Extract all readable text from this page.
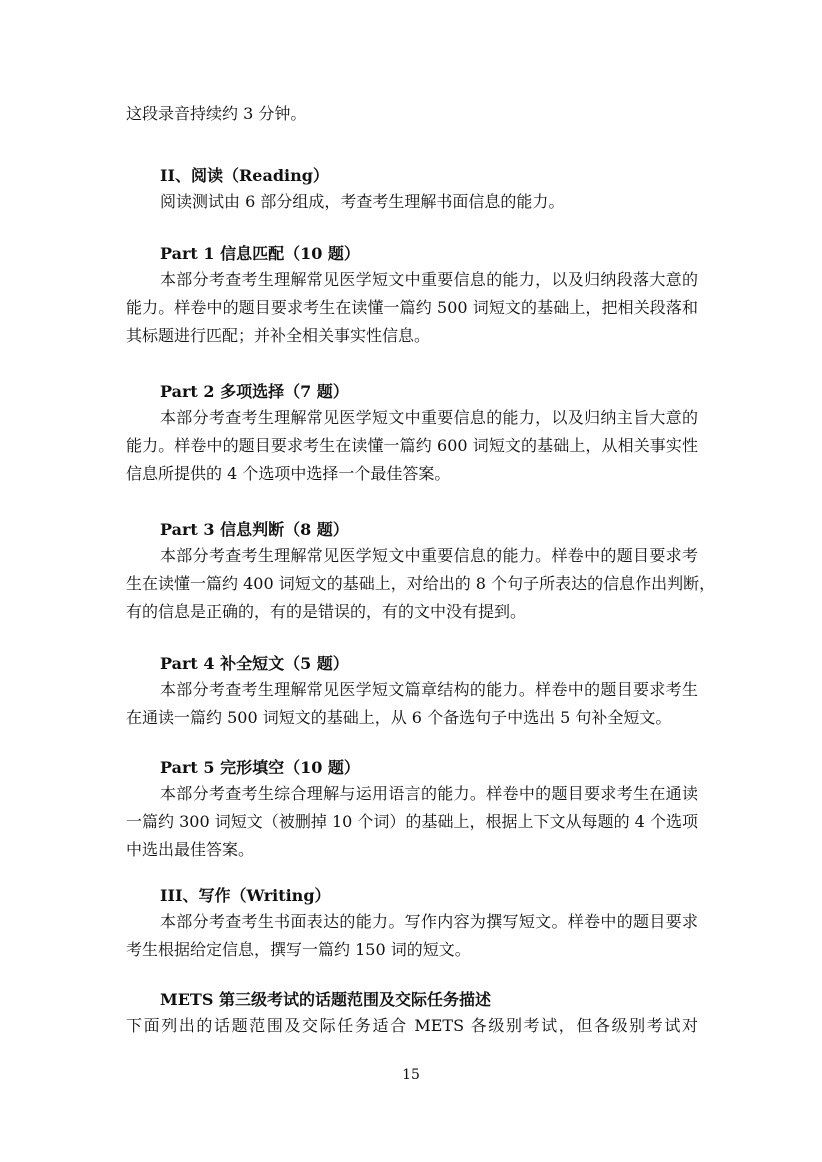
这段录音持续约 3 分钟。
II、阅读（Reading）
阅读测试由 6 部分组成，考查考生理解书面信息的能力。
Part 1 信息匹配（10 题）
本部分考查考生理解常见医学短文中重要信息的能力，以及归纳段落大意的
能力。样卷中的题目要求考生在读懂一篇约 500 词短文的基础上，把相关段落和
其标题进行匹配；并补全相关事实性信息。
Part 2 多项选择（7 题）
本部分考查考生理解常见医学短文中重要信息的能力，以及归纳主旨大意的
能力。样卷中的题目要求考生在读懂一篇约 600 词短文的基础上，从相关事实性
信息所提供的 4 个选项中选择一个最佳答案。
Part 3 信息判断（8 题）
本部分考查考生理解常见医学短文中重要信息的能力。样卷中的题目要求考
生在读懂一篇约 400 词短文的基础上，对给出的 8 个句子所表达的信息作出判断，
有的信息是正确的，有的是错误的，有的文中没有提到。
Part 4 补全短文（5 题）
本部分考查考生理解常见医学短文篇章结构的能力。样卷中的题目要求考生
在通读一篇约 500 词短文的基础上，从 6 个备选句子中选出 5 句补全短文。
Part 5 完形填空（10 题）
本部分考查考生综合理解与运用语言的能力。样卷中的题目要求考生在通读
一篇约 300 词短文（被删掉 10 个词）的基础上，根据上下文从每题的 4 个选项
中选出最佳答案。
III、写作（Writing）
本部分考查考生书面表达的能力。写作内容为撰写短文。样卷中的题目要求
考生根据给定信息，撰写一篇约 150 词的短文。
METS 第三级考试的话题范围及交际任务描述
下面列出的话题范围及交际任务适合 METS 各级别考试，但各级别考试对
15
